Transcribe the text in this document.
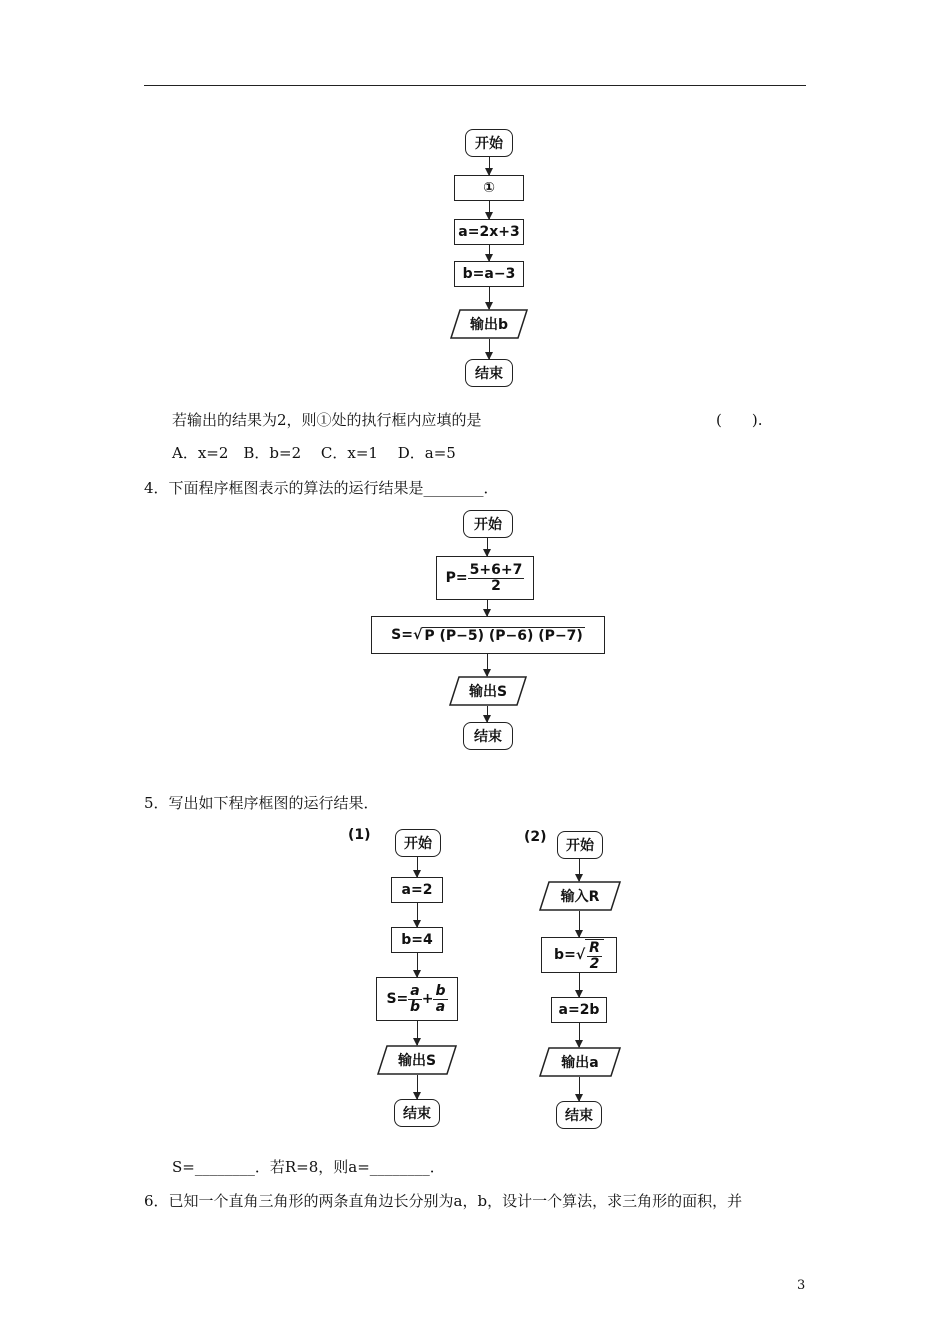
开始
①
a=2x+3
b=a−3
输出b
结束
若输出的结果为2，则①处的执行框内应填的是	(　　).
A．x=2　B．b=2　 C．x=1　 D．a=5
4．下面程序框图表示的算法的运行结果是________．
开始
$P= \frac{5+6+7}{2}$
S= √ P (P−5) (P−6) (P−7)
输出S
结束
5．写出如下程序框图的运行结果．
(1)
开始
a=2
b=4
$S= \frac{a}{b} + \frac{b}{a}$
输出S
结束
(2)
开始
输入R
b= √ $\frac{R}{2}$
a=2b
输出a
结束
S=________．若R=8，则a=________．
6．已知一个直角三角形的两条直角边长分别为a，b，设计一个算法，求三角形的面积，并
3
